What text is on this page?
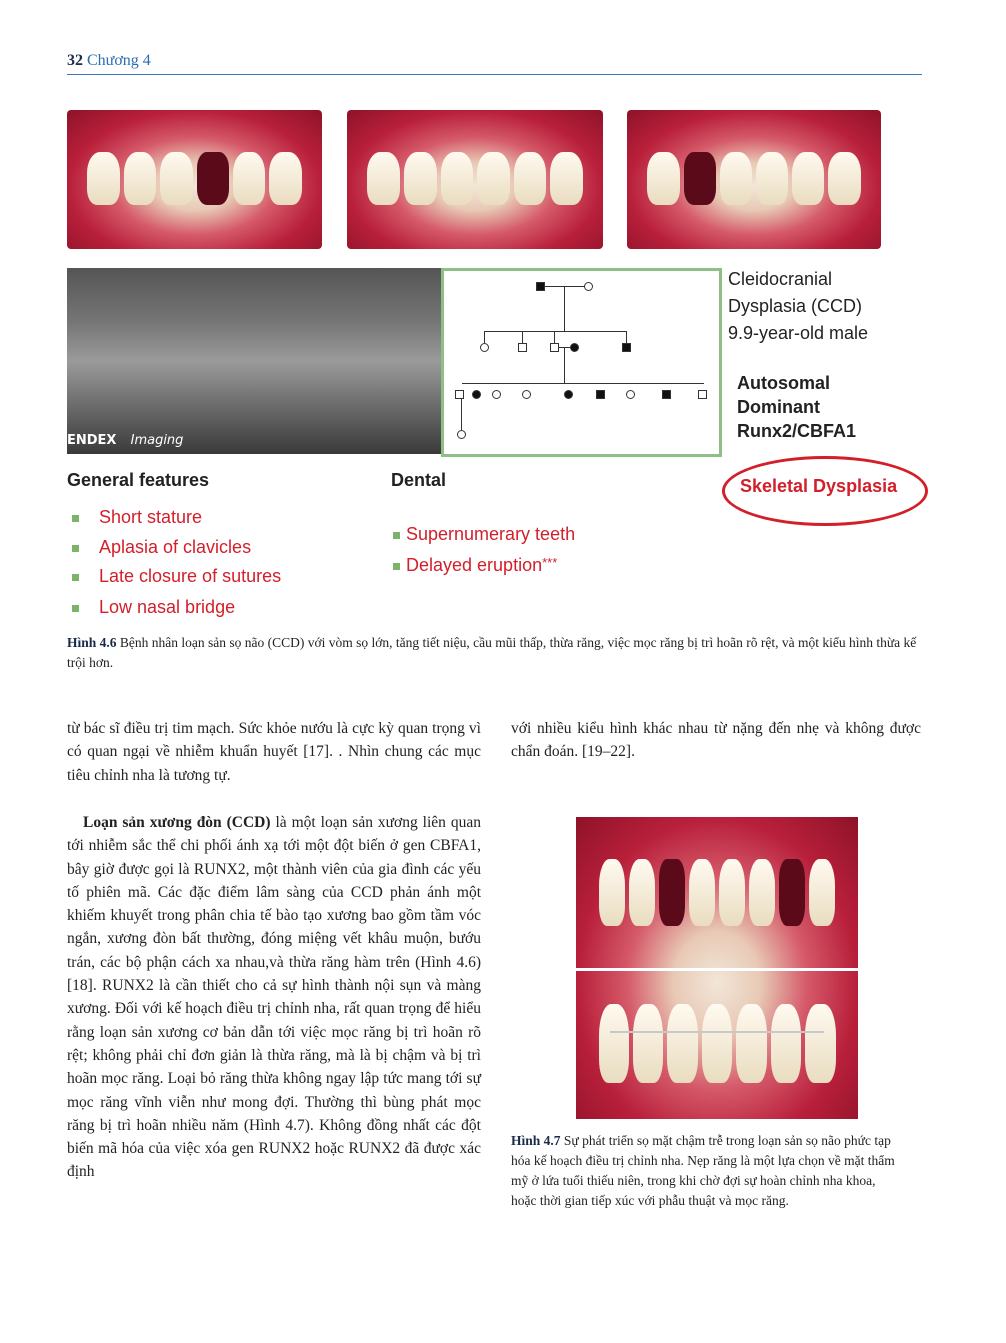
32 Chương 4
ENDEX Imaging
Cleidocranial
Dysplasia (CCD)
9.9-year-old male
Autosomal
Dominant
Runx2/CBFA1
Skeletal Dysplasia
General features	Dental
Short stature
Aplasia of clavicles
Late closure of sutures
Low nasal bridge
Supernumerary teeth
Delayed eruption***
Hình 4.6 Bệnh nhân loạn sản sọ não (CCD) với vòm sọ lớn, tăng tiết niệu, cầu mũi thấp, thừa răng, việc mọc răng bị trì hoãn rõ rệt, và một kiểu hình thừa kế trội hơn.
từ bác sĩ điều trị tim mạch. Sức khỏe nướu là cực kỳ quan trọng vì có quan ngại về nhiễm khuẩn huyết [17]. . Nhìn chung các mục tiêu chỉnh nha là tương tự.
Loạn sản xương đòn (CCD) là một loạn sản xương liên quan tới nhiễm sắc thể chi phối ánh xạ tới một đột biến ở gen CBFA1, bây giờ được gọi là RUNX2, một thành viên của gia đình các yếu tố phiên mã. Các đặc điểm lâm sàng của CCD phản ánh một khiếm khuyết trong phân chia tế bào tạo xương bao gồm tầm vóc ngắn, xương đòn bất thường, đóng miệng vết khâu muộn, bướu trán, các bộ phận cách xa nhau,và thừa răng hàm trên (Hình 4.6) [18]. RUNX2 là cần thiết cho cả sự hình thành nội sụn và màng xương. Đối với kế hoạch điều trị chỉnh nha, rất quan trọng để hiểu rằng loạn sản xương cơ bản dẫn tới việc mọc răng bị trì hoãn rõ rệt; không phải chỉ đơn giản là thừa răng, mà là bị chậm và bị trì hoãn mọc răng. Loại bỏ răng thừa không ngay lập tức mang tới sự mọc răng vĩnh viễn như mong đợi. Thường thì bùng phát mọc răng bị trì hoãn nhiều năm (Hình 4.7). Không đồng nhất các đột biến mã hóa của việc xóa gen RUNX2 hoặc RUNX2 đã được xác định
với nhiều kiểu hình khác nhau từ nặng đến nhẹ và không được chẩn đoán. [19–22].
Hình 4.7 Sự phát triển sọ mặt chậm trễ trong loạn sản sọ não phức tạp hóa kế hoạch điều trị chỉnh nha. Nẹp răng là một lựa chọn về mặt thẩm mỹ ở lứa tuổi thiếu niên, trong khi chờ đợi sự hoàn chỉnh nha khoa, hoặc thời gian tiếp xúc với phẫu thuật và mọc răng.
